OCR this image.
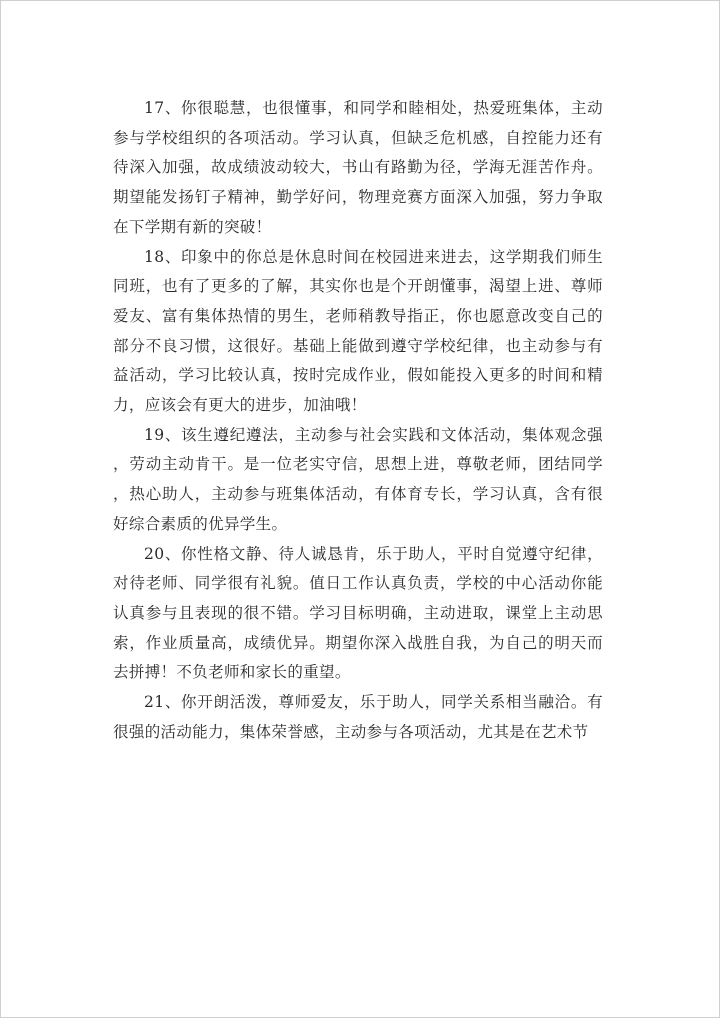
17、你很聪慧，也很懂事，和同学和睦相处，热爱班集体，主动参与学校组织的各项活动。学习认真，但缺乏危机感，自控能力还有待深入加强，故成绩波动较大，书山有路勤为径，学海无涯苦作舟。期望能发扬钉子精神，勤学好问，物理竞赛方面深入加强，努力争取在下学期有新的突破！

18、印象中的你总是休息时间在校园进来进去，这学期我们师生同班，也有了更多的了解，其实你也是个开朗懂事，渴望上进、尊师爱友、富有集体热情的男生，老师稍教导指正，你也愿意改变自己的部分不良习惯，这很好。基础上能做到遵守学校纪律，也主动参与有益活动，学习比较认真，按时完成作业，假如能投入更多的时间和精力，应该会有更大的进步，加油哦！

19、该生遵纪遵法，主动参与社会实践和文体活动，集体观念强，劳动主动肯干。是一位老实守信，思想上进，尊敬老师，团结同学，热心助人，主动参与班集体活动，有体育专长，学习认真，含有很好综合素质的优异学生。

20、你性格文静、待人诚恳肯，乐于助人，平时自觉遵守纪律，对待老师、同学很有礼貌。值日工作认真负责，学校的中心活动你能认真参与且表现的很不错。学习目标明确，主动进取，课堂上主动思索，作业质量高，成绩优异。期望你深入战胜自我，为自己的明天而去拼搏！不负老师和家长的重望。

21、你开朗活泼，尊师爱友，乐于助人，同学关系相当融洽。有很强的活动能力，集体荣誉感，主动参与各项活动，尤其是在艺术节
